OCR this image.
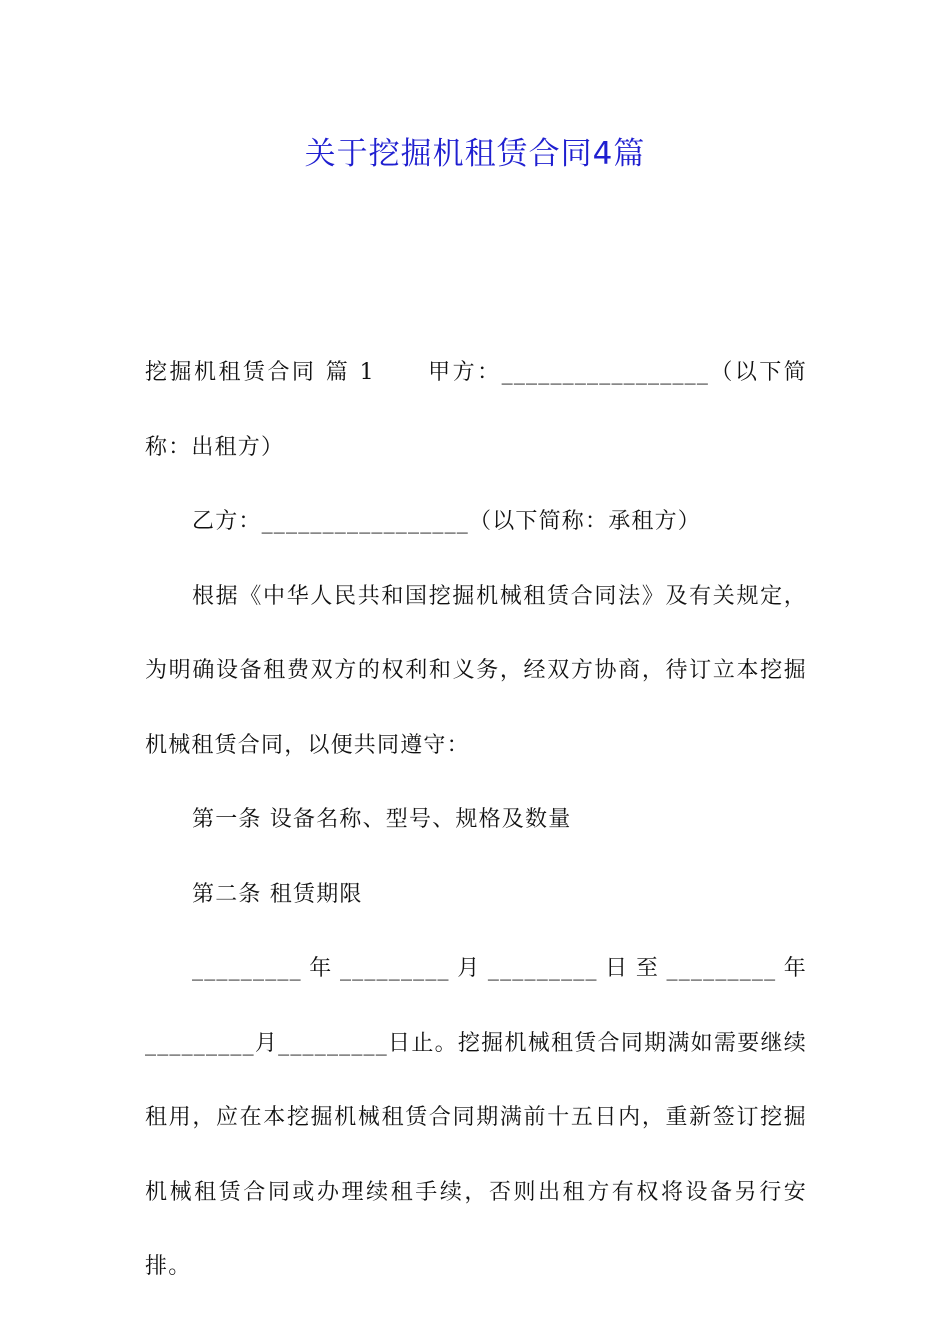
关于挖掘机租赁合同4篇

挖掘机租赁合同 篇 1 甲方：_________________（以下简称：出租方）

乙方：_________________（以下简称：承租方）

根据《中华人民共和国挖掘机械租赁合同法》及有关规定，为明确设备租费双方的权利和义务，经双方协商，待订立本挖掘机械租赁合同，以便共同遵守：

第一条 设备名称、型号、规格及数量

第二条 租赁期限

_________年_________月_________日至_________年_________月_________日止。挖掘机械租赁合同期满如需要继续租用，应在本挖掘机械租赁合同期满前十五日内，重新签订挖掘机械租赁合同或办理续租手续，否则出租方有权将设备另行安排。
